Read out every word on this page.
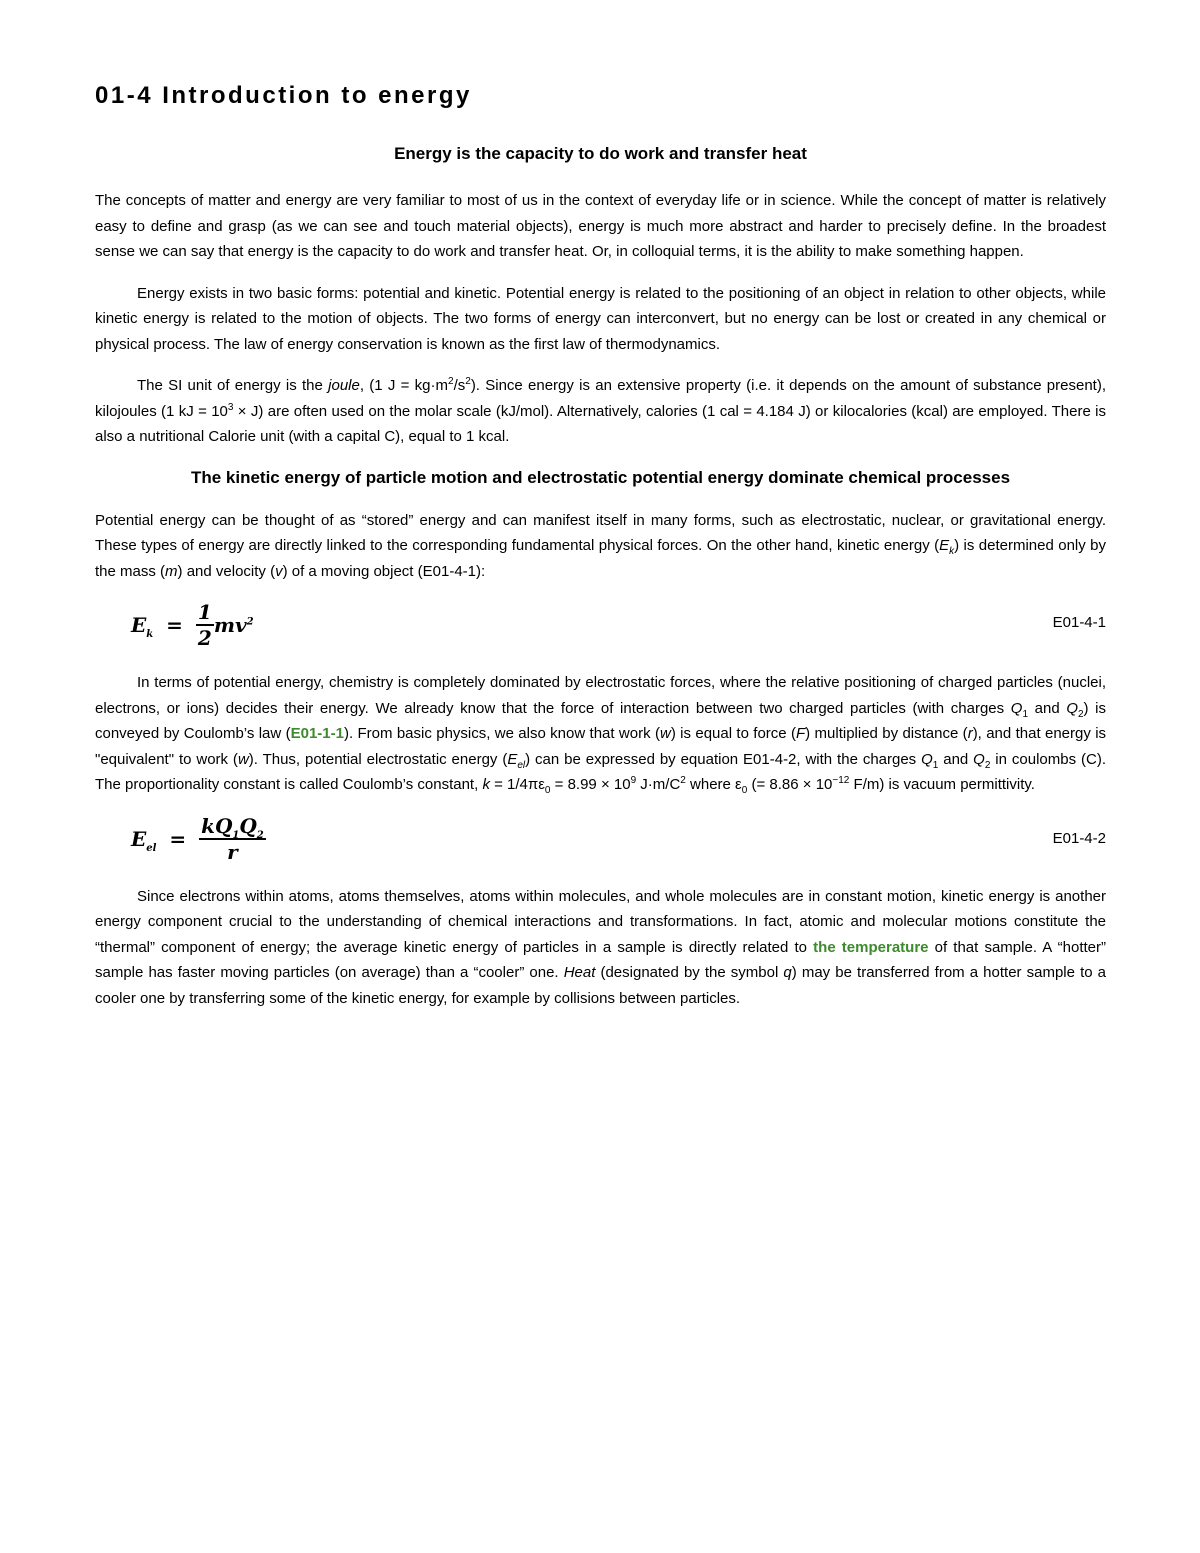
01-4 Introduction to energy
Energy is the capacity to do work and transfer heat

The concepts of matter and energy are very familiar to most of us in the context of everyday life or in science. While the concept of matter is relatively easy to define and grasp (as we can see and touch material objects), energy is much more abstract and harder to precisely define. In the broadest sense we can say that energy is the capacity to do work and transfer heat. Or, in colloquial terms, it is the ability to make something happen.

Energy exists in two basic forms: potential and kinetic. Potential energy is related to the positioning of an object in relation to other objects, while kinetic energy is related to the motion of objects. The two forms of energy can interconvert, but no energy can be lost or created in any chemical or physical process. The law of energy conservation is known as the first law of thermodynamics.

The SI unit of energy is the joule, (1 $J = kg\cdot m^2/s^2$). Since energy is an extensive property (i.e. it depends on the amount of substance present), kilojoules (1 kJ = $10^3 \times J$) are often used on the molar scale (kJ/mol). Alternatively, calories (1 cal = 4.184 J) or kilocalories (kcal) are employed. There is also a nutritional Calorie unit (with a capital C), equal to 1 kcal.

The kinetic energy of particle motion and electrostatic potential energy dominate chemical processes

Potential energy can be thought of as “stored” energy and can manifest itself in many forms, such as electrostatic, nuclear, or gravitational energy. These types of energy are directly linked to the corresponding fundamental physical forces. On the other hand, kinetic energy $(E_k)$ is determined only by the mass (m) and velocity (v) of a moving object (E01-4-1):

$E_k = \frac{1}{2} mv^2$	E01-4-1

In terms of potential energy, chemistry is completely dominated by electrostatic forces, where the relative positioning of charged particles (nuclei, electrons, or ions) decides their energy. We already know that the force of interaction between two charged particles (with charges $Q_1$ and $Q_2$) is conveyed by Coulomb’s law (E01-1-1). From basic physics, we also know that work (w) is equal to force (F) multiplied by distance (r), and that energy is "equivalent" to work (w). Thus, potential electrostatic energy $(E_{el})$ can be expressed by equation E01-4-2, with the charges $Q_1$ and $Q_2$ in coulombs (C). The proportionality constant is called Coulomb’s constant, $k = 1/4\pi\varepsilon_0 = 8.99 \times 10^9$ $J\cdot m/C^2$ where $\varepsilon_0$ (= $8.86 \times 10^{-12}$ F/m) is vacuum permittivity.

$E_{el} = \frac{kQ_1Q_2}{r}$	E01-4-2

Since electrons within atoms, atoms themselves, atoms within molecules, and whole molecules are in constant motion, kinetic energy is another energy component crucial to the understanding of chemical interactions and transformations. In fact, atomic and molecular motions constitute the “thermal” component of energy; the average kinetic energy of particles in a sample is directly related to the temperature of that sample. A “hotter” sample has faster moving particles (on average) than a “cooler” one. Heat (designated by the symbol q) may be transferred from a hotter sample to a cooler one by transferring some of the kinetic energy, for example by collisions between particles.
